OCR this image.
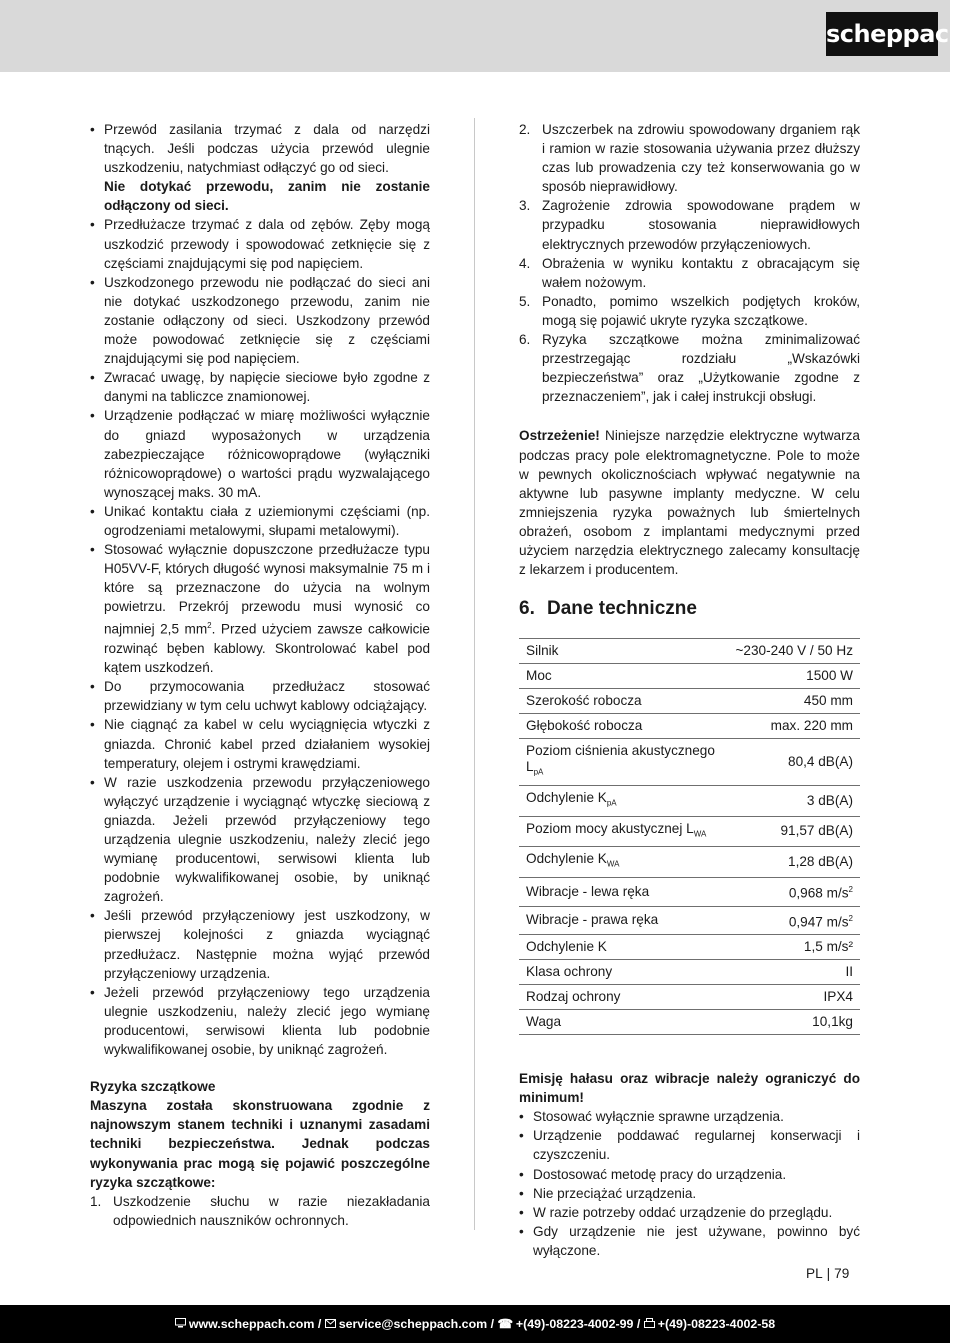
scheppach
• Przewód zasilania trzymać z dala od narzędzi tnących. Jeśli podczas użycia przewód ulegnie uszkodzeniu, natychmiast odłączyć go od sieci.
Nie dotykać przewodu, zanim nie zostanie odłączony od sieci.
• Przedłużacze trzymać z dala od zębów. Zęby mogą uszkodzić przewody i spowodować zetknięcie się z częściami znajdującymi się pod napięciem.
• Uszkodzonego przewodu nie podłączać do sieci ani nie dotykać uszkodzonego przewodu, zanim nie zostanie odłączony od sieci. Uszkodzony przewód może powodować zetknięcie się z częściami znajdującymi się pod napięciem.
• Zwracać uwagę, by napięcie sieciowe było zgodne z danymi na tabliczce znamionowej.
• Urządzenie podłączać w miarę możliwości wyłącznie do gniazd wyposażonych w urządzenia zabezpieczające różnicowoprądowe (wyłączniki różnicowoprądowe) o wartości prądu wyzwalającego wynoszącej maks. 30 mA.
• Unikać kontaktu ciała z uziemionymi częściami (np. ogrodzeniami metalowymi, słupami metalowymi).
• Stosować wyłącznie dopuszczone przedłużacze typu H05VV-F, których długość wynosi maksymalnie 75 m i które są przeznaczone do użycia na wolnym powietrzu. Przekrój przewodu musi wynosić co najmniej 2,5 $mm^2$. Przed użyciem zawsze całkowicie rozwinąć bęben kablowy. Skontrolować kabel pod kątem uszkodzeń.
• Do przymocowania przedłużacz stosować przewidziany w tym celu uchwyt kablowy odciążający.
• Nie ciągnąć za kabel w celu wyciągnięcia wtyczki z gniazda. Chronić kabel przed działaniem wysokiej temperatury, olejem i ostrymi krawędziami.
• W razie uszkodzenia przewodu przyłączeniowego wyłączyć urządzenie i wyciągnąć wtyczkę sieciową z gniazda. Jeżeli przewód przyłączeniowy tego urządzenia ulegnie uszkodzeniu, należy zlecić jego wymianę producentowi, serwisowi klienta lub podobnie wykwalifikowanej osobie, by uniknąć zagrożeń.
• Jeśli przewód przyłączeniowy jest uszkodzony, w pierwszej kolejności z gniazda wyciągnąć przedłużacz. Następnie można wyjąć przewód przyłączeniowy urządzenia.
• Jeżeli przewód przyłączeniowy tego urządzenia ulegnie uszkodzeniu, należy zlecić jego wymianę producentowi, serwisowi klienta lub podobnie wykwalifikowanej osobie, by uniknąć zagrożeń.
Ryzyka szczątkowe
Maszyna została skonstruowana zgodnie z najnowszym stanem techniki i uznanymi zasadami techniki bezpieczeństwa. Jednak podczas wykonywania prac mogą się pojawić poszczególne ryzyka szczątkowe:
1. Uszkodzenie słuchu w razie niezakładania odpowiednich nauszników ochronnych.
2. Uszczerbek na zdrowiu spowodowany drganiem rąk i ramion w razie stosowania używania przez dłuższy czas lub prowadzenia czy też konserwowania go w sposób nieprawidłowy.
3. Zagrożenie zdrowia spowodowane prądem w przypadku stosowania nieprawidłowych elektrycznych przewodów przyłączeniowych.
4. Obrażenia w wyniku kontaktu z obracającym się wałem nożowym.
5. Ponadto, pomimo wszelkich podjętych kroków, mogą się pojawić ukryte ryzyka szczątkowe.
6. Ryzyka szczątkowe można zminimalizować przestrzegając rozdziału „Wskazówki bezpieczeństwa” oraz „Użytkowanie zgodne z przeznaczeniem”, jak i całej instrukcji obsługi.
Ostrzeżenie! Niniejsze narzędzie elektryczne wytwarza podczas pracy pole elektromagnetyczne. Pole to może w pewnych okolicznościach wpływać negatywnie na aktywne lub pasywne implanty medyczne. W celu zmniejszenia ryzyka poważnych lub śmiertelnych obrażeń, osobom z implantami medycznymi przed użyciem narzędzia elektrycznego zalecamy konsultację z lekarzem i producentem.
6. Dane techniczne
Silnik	~230-240 V / 50 Hz
Moc	1500 W
Szerokość robocza	450 mm
Głębokość robocza	max. 220 mm
Poziom ciśnienia akustycznego $L_{pA}$	80,4 dB(A)
Odchylenie $K_{pA}$	3 dB(A)
Poziom mocy akustycznej $L_{WA}$	91,57 dB(A)
Odchylenie $K_{WA}$	1,28 dB(A)
Wibracje - lewa ręka	0,968 $m/s^2$
Wibracje - prawa ręka	0,947 $m/s^2$
Odchylenie K	1,5 m/s²
Klasa ochrony	II
Rodzaj ochrony	IPX4
Waga	10,1kg
Emisję hałasu oraz wibracje należy ograniczyć do minimum!
• Stosować wyłącznie sprawne urządzenia.
• Urządzenie poddawać regularnej konserwacji i czyszczeniu.
• Dostosować metodę pracy do urządzenia.
• Nie przeciążać urządzenia.
• W razie potrzeby oddać urządzenie do przeglądu.
• Gdy urządzenie nie jest używane, powinno być wyłączone.
PL | 79
www.scheppach.com / service@scheppach.com / ☎ +(49)-08223-4002-99 / +(49)-08223-4002-58
